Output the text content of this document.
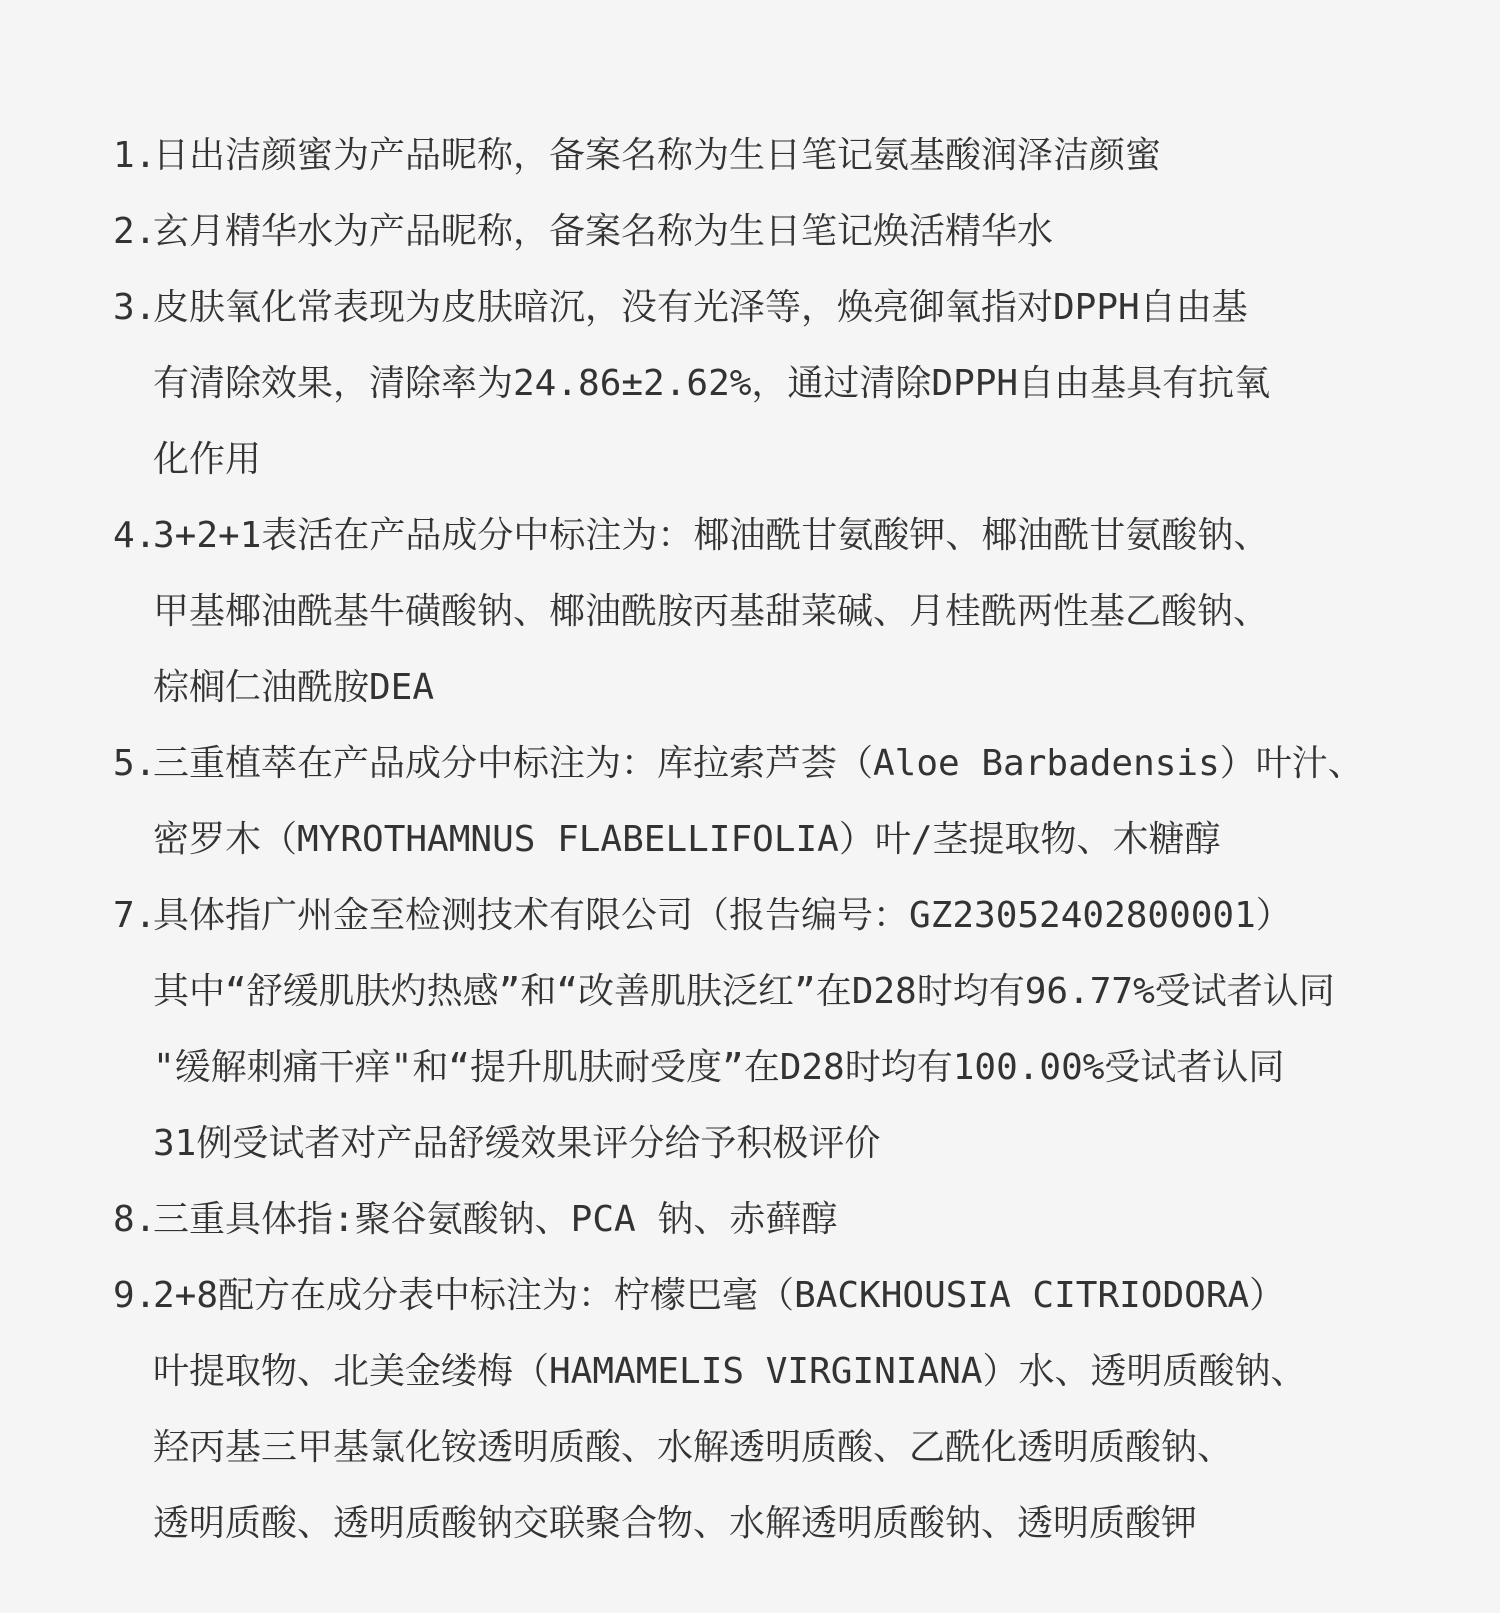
1.
日出洁颜蜜为产品昵称，备案名称为生日笔记氨基酸润泽洁颜蜜
2.
玄月精华水为产品昵称，备案名称为生日笔记焕活精华水
3.
皮肤氧化常表现为皮肤暗沉，没有光泽等，焕亮御氧指对DPPH自由基
有清除效果，清除率为24.86±2.62%，通过清除DPPH自由基具有抗氧
化作用
4.
3+2+1表活在产品成分中标注为：椰油酰甘氨酸钾、椰油酰甘氨酸钠、
甲基椰油酰基牛磺酸钠、椰油酰胺丙基甜菜碱、月桂酰两性基乙酸钠、
棕榈仁油酰胺DEA
5.
三重植萃在产品成分中标注为：库拉索芦荟（Aloe Barbadensis）叶汁、
密罗木（MYROTHAMNUS FLABELLIFOLIA）叶/茎提取物、木糖醇
7.
具体指广州金至检测技术有限公司（报告编号：GZ23052402800001）
其中“舒缓肌肤灼热感”和“改善肌肤泛红”在D28时均有96.77%受试者认同
"缓解刺痛干痒"和“提升肌肤耐受度”在D28时均有100.00%受试者认同
31例受试者对产品舒缓效果评分给予积极评价
8.
三重具体指:聚谷氨酸钠、PCA 钠、赤藓醇
9.
2+8配方在成分表中标注为：柠檬巴毫（BACKHOUSIA CITRIODORA）
叶提取物、北美金缕梅（HAMAMELIS VIRGINIANA）水、透明质酸钠、
羟丙基三甲基氯化铵透明质酸、水解透明质酸、乙酰化透明质酸钠、
透明质酸、透明质酸钠交联聚合物、水解透明质酸钠、透明质酸钾
